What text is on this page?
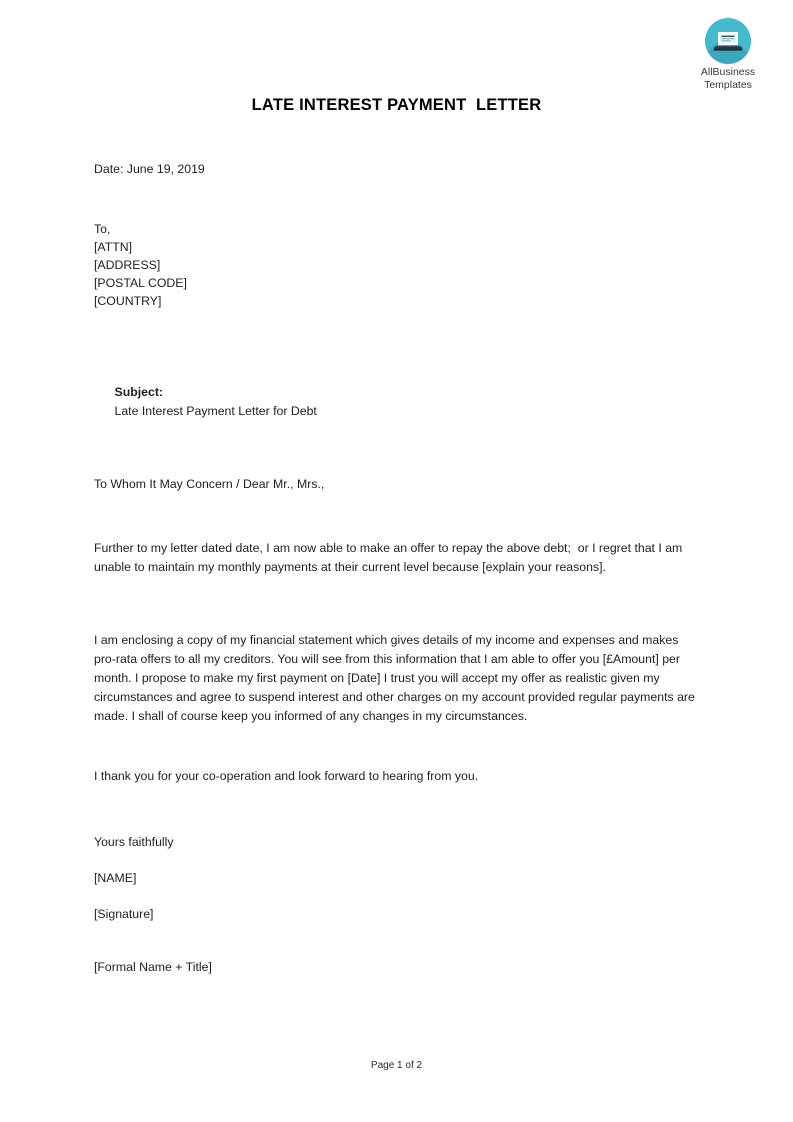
AllBusiness
Templates
LATE INTEREST PAYMENT  LETTER
Date: June 19, 2019
To,
[ATTN]
[ADDRESS]
[POSTAL CODE]
[COUNTRY]

Subject:
Late Interest Payment Letter for Debt

To Whom It May Concern / Dear Mr., Mrs.,
Further to my letter dated date, I am now able to make an offer to repay the above debt;  or I regret that I am unable to maintain my monthly payments at their current level because [explain your reasons].
I am enclosing a copy of my financial statement which gives details of my income and expenses and makes pro-rata offers to all my creditors. You will see from this information that I am able to offer you [£Amount] per month. I propose to make my first payment on [Date] I trust you will accept my offer as realistic given my circumstances and agree to suspend interest and other charges on my account provided regular payments are made. I shall of course keep you informed of any changes in my circumstances.
I thank you for your co-operation and look forward to hearing from you.
Yours faithfully
[NAME]
[Signature]
[Formal Name + Title]
Page 1 of 2
